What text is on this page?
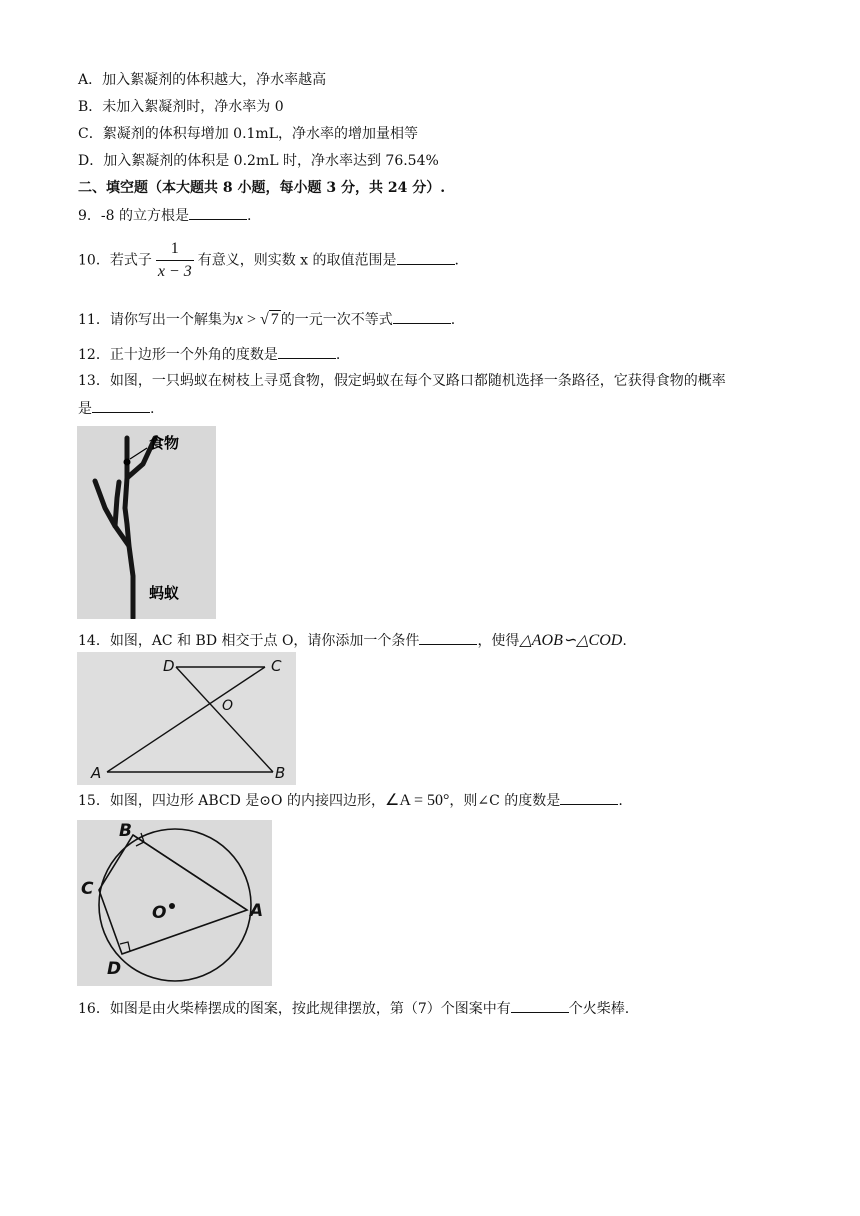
A．加入絮凝剂的体积越大，净水率越高
B．未加入絮凝剂时，净水率为 0
C．絮凝剂的体积每增加 0.1mL，净水率的增加量相等
D．加入絮凝剂的体积是 0.2mL 时，净水率达到 76.54%
二、填空题（本大题共 8 小题，每小题 3 分，共 24 分）.
9．-8 的立方根是	.
10．若式子 $\frac{1}{x - 3}$ 有意义，则实数 x 的取值范围是	.
11．请你写出一个解集为x > √ 7 的一元一次不等式	.
12．正十边形一个外角的度数是	.
13．如图，一只蚂蚁在树枝上寻觅食物，假定蚂蚁在每个叉路口都随机选择一条路径，它获得食物的概率
是	.
食物
蚂蚁
14．如图，AC 和 BD 相交于点 O，请你添加一个条件	，使得△AOB∽△COD.
D	C
O
A	B
15．如图，四边形 ABCD 是⊙O 的内接四边形，∠A = 50°，则∠C 的度数是	.
B
C
O	A
D
16．如图是由火柴棒摆成的图案，按此规律摆放，第（7）个图案中有	个火柴棒.
